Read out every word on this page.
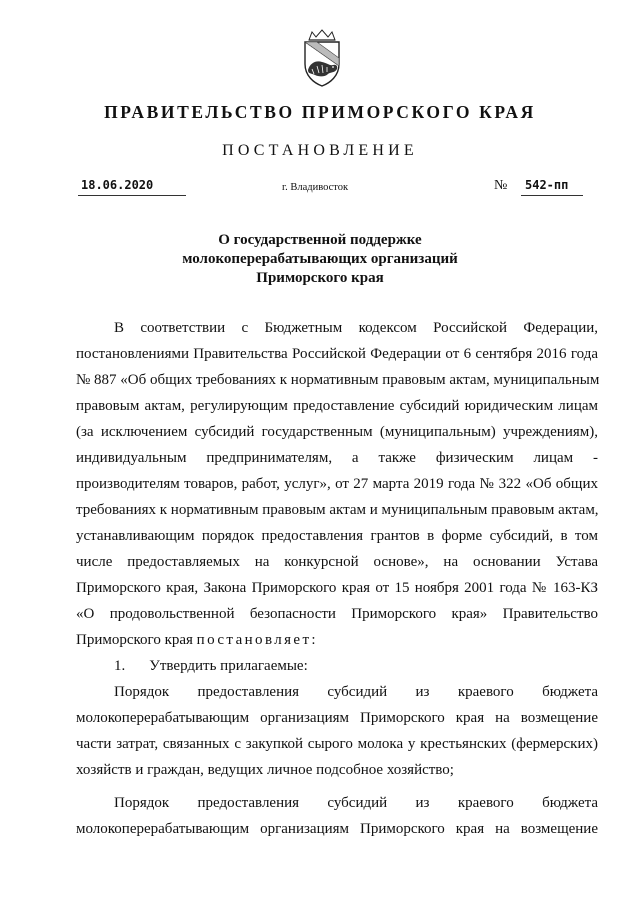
ПРАВИТЕЛЬСТВО ПРИМОРСКОГО КРАЯ
ПОСТАНОВЛЕНИЕ
18.06.2020	г. Владивосток	№ 542-пп
О государственной поддержке
молокоперерабатывающих организаций
Приморского края
В соответствии с Бюджетным кодексом Российской Федерации,
постановлениями Правительства Российской Федерации от 6 сентября 2016 года
№ 887 «Об общих требованиях к нормативным правовым актам, муниципальным
правовым актам, регулирующим предоставление субсидий юридическим лицам
(за исключением субсидий государственным (муниципальным) учреждениям),
индивидуальным предпринимателям, а также физическим лицам -
производителям товаров, работ, услуг», от 27 марта 2019 года № 322 «Об общих
требованиях к нормативным правовым актам и муниципальным правовым актам,
устанавливающим порядок предоставления грантов в форме субсидий, в том
числе предоставляемых на конкурсной основе», на основании Устава
Приморского края, Закона Приморского края от 15 ноября 2001 года № 163-КЗ
«О продовольственной безопасности Приморского края» Правительство
Приморского края постановляет:
1. Утвердить прилагаемые:
Порядок предоставления субсидий из краевого бюджета
молокоперерабатывающим организациям Приморского края на возмещение
части затрат, связанных с закупкой сырого молока у крестьянских (фермерских)
хозяйств и граждан, ведущих личное подсобное хозяйство;
Порядок предоставления субсидий из краевого бюджета
молокоперерабатывающим организациям Приморского края на возмещение
